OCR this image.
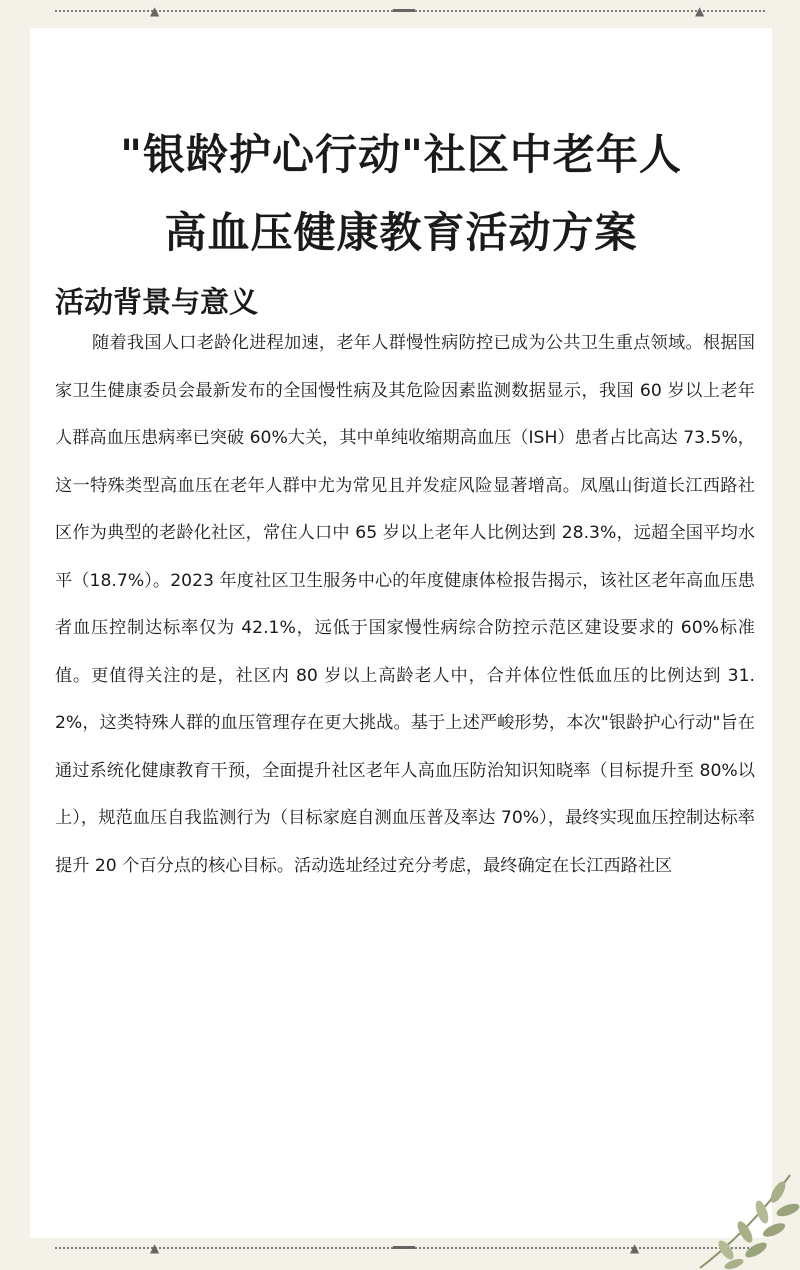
▲	▲
"银龄护心行动"社区中老年人
高血压健康教育活动方案
活动背景与意义

随着我国人口老龄化进程加速，老年人群慢性病防控已成为公共卫生重点领域。根据国家卫生健康委员会最新发布的全国慢性病及其危险因素监测数据显示，我国 60 岁以上老年人群高血压患病率已突破 60%大关，其中单纯收缩期高血压（ISH）患者占比高达 73.5%，这一特殊类型高血压在老年人群中尤为常见且并发症风险显著增高。凤凰山街道长江西路社区作为典型的老龄化社区，常住人口中 65 岁以上老年人比例达到 28.3%，远超全国平均水平（18.7%）。2023 年度社区卫生服务中心的年度健康体检报告揭示，该社区老年高血压患者血压控制达标率仅为 42.1%，远低于国家慢性病综合防控示范区建设要求的 60%标准值。更值得关注的是，社区内 80 岁以上高龄老人中，合并体位性低血压的比例达到 31.2%，这类特殊人群的血压管理存在更大挑战。基于上述严峻形势，本次"银龄护心行动"旨在通过系统化健康教育干预，全面提升社区老年人高血压防治知识知晓率（目标提升至 80%以上），规范血压自我监测行为（目标家庭自测血压普及率达 70%），最终实现血压控制达标率提升 20 个百分点的核心目标。活动选址经过充分考虑，最终确定在长江西路社区

▲	▲
